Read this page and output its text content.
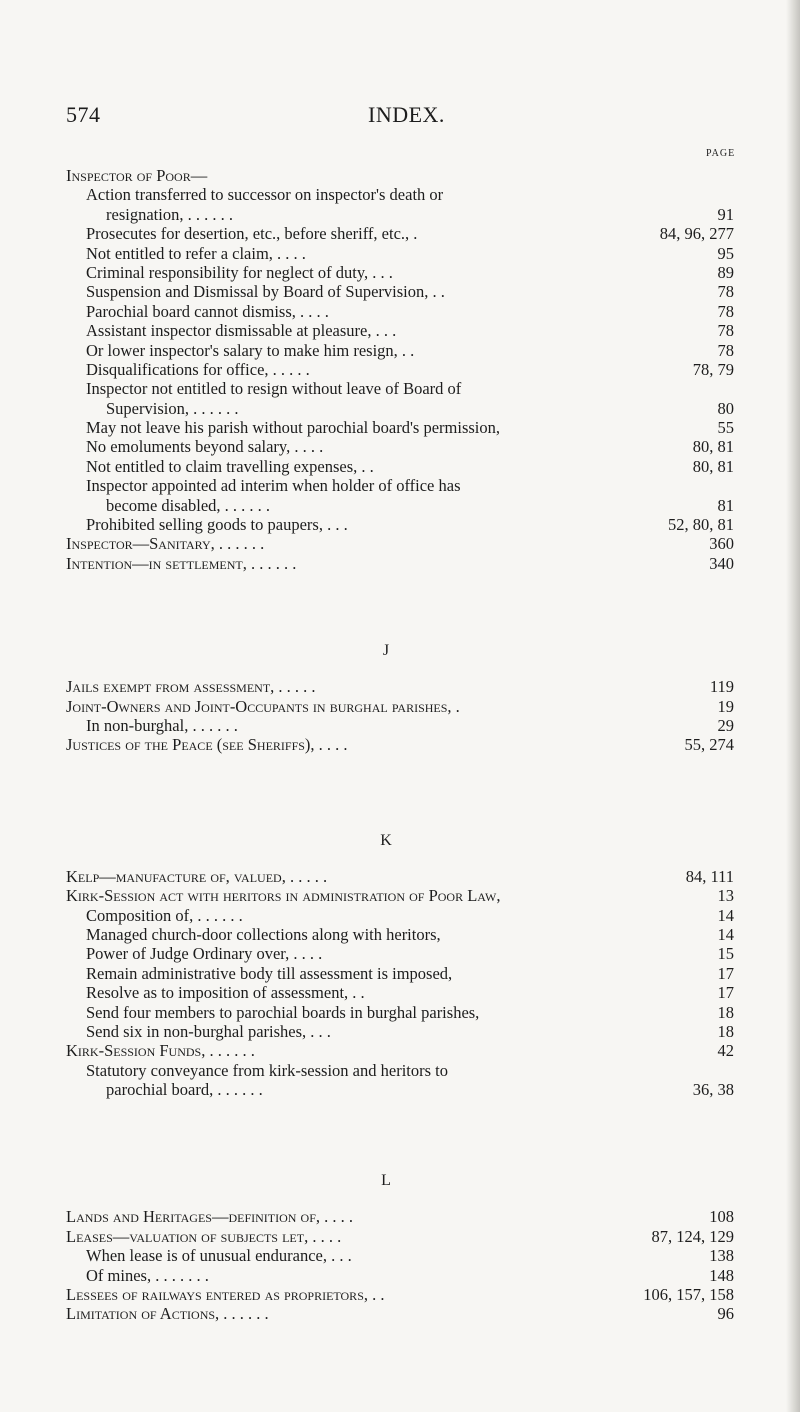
574	INDEX.
PAGE
Inspector of Poor—
Action transferred to successor on inspector's death or
resignation, . . . . . .	91
Prosecutes for desertion, etc., before sheriff, etc., .	84, 96, 277
Not entitled to refer a claim, . . . .	95
Criminal responsibility for neglect of duty, . . .	89
Suspension and Dismissal by Board of Supervision, . .	78
Parochial board cannot dismiss, . . . .	78
Assistant inspector dismissable at pleasure, . . .	78
Or lower inspector's salary to make him resign, . .	78
Disqualifications for office, . . . . .	78, 79
Inspector not entitled to resign without leave of Board of
Supervision, . . . . . .	80
May not leave his parish without parochial board's permission,	55
No emoluments beyond salary, . . . .	80, 81
Not entitled to claim travelling expenses, . .	80, 81
Inspector appointed ad interim when holder of office has
become disabled, . . . . . .	81
Prohibited selling goods to paupers, . . .	52, 80, 81
Inspector—Sanitary, . . . . . .	360
Intention—in settlement, . . . . . .	340
J
Jails exempt from assessment, . . . . .	119
Joint-Owners and Joint-Occupants in burghal parishes, .	19
In non-burghal, . . . . . .	29
Justices of the Peace (see Sheriffs), . . . .	55, 274
K
Kelp—manufacture of, valued, . . . . .	84, 111
Kirk-Session act with heritors in administration of Poor Law,	13
Composition of, . . . . . .	14
Managed church-door collections along with heritors,	14
Power of Judge Ordinary over, . . . .	15
Remain administrative body till assessment is imposed,	17
Resolve as to imposition of assessment, . .	17
Send four members to parochial boards in burghal parishes,	18
Send six in non-burghal parishes, . . .	18
Kirk-Session Funds, . . . . . .	42
Statutory conveyance from kirk-session and heritors to
parochial board, . . . . . .	36, 38
L
Lands and Heritages—definition of, . . . .	108
Leases—valuation of subjects let, . . . .	87, 124, 129
When lease is of unusual endurance, . . .	138
Of mines, . . . . . . .	148
Lessees of railways entered as proprietors, . .	106, 157, 158
Limitation of Actions, . . . . . .	96
